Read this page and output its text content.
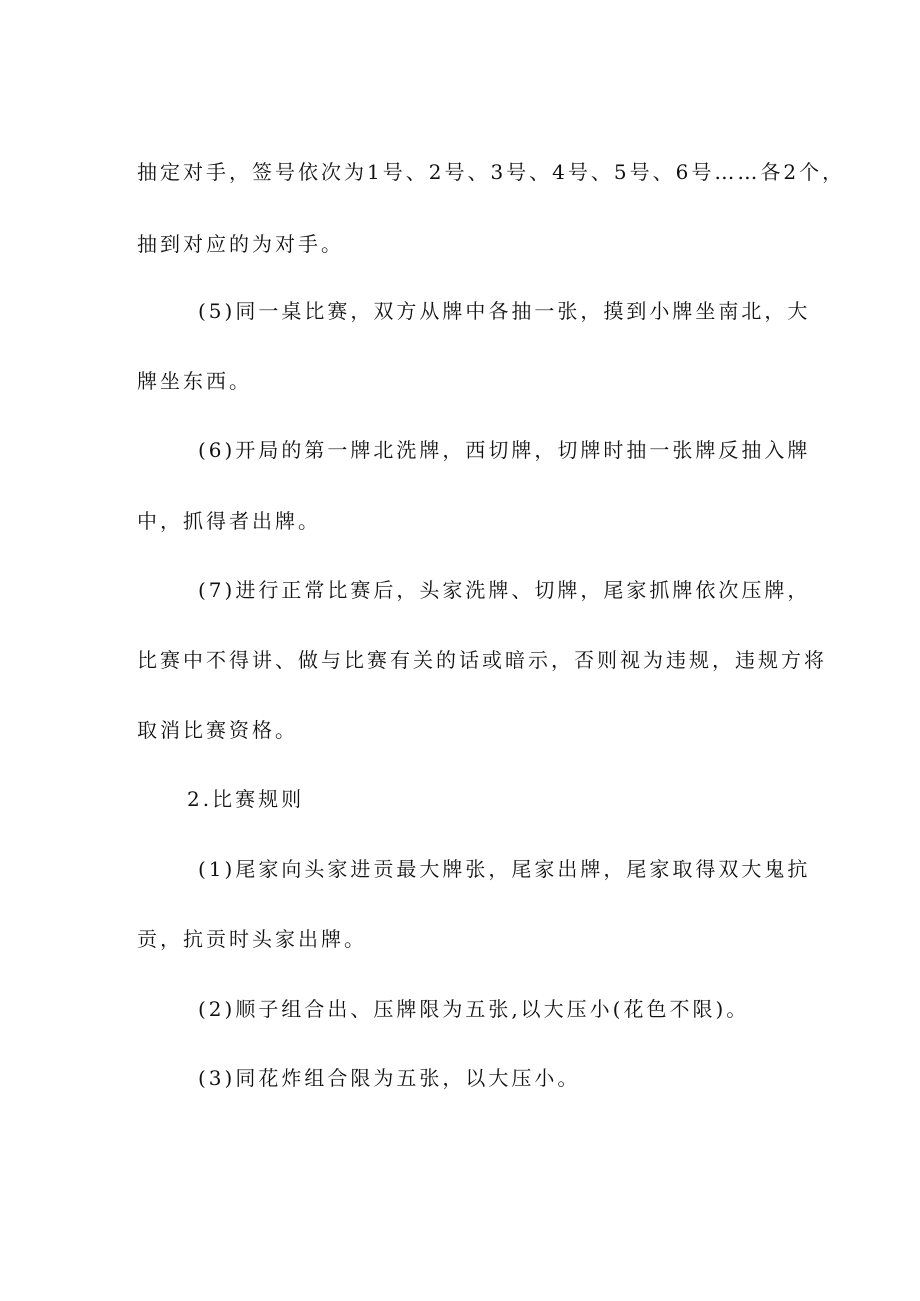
抽定对手，签号依次为1号、2号、3号、4号、5号、6号……各2个，
抽到对应的为对手。
(5)同一桌比赛，双方从牌中各抽一张，摸到小牌坐南北，大
牌坐东西。
(6)开局的第一牌北洗牌，西切牌，切牌时抽一张牌反抽入牌
中，抓得者出牌。
(7)进行正常比赛后，头家洗牌、切牌，尾家抓牌依次压牌，
比赛中不得讲、做与比赛有关的话或暗示，否则视为违规，违规方将
取消比赛资格。
2.比赛规则
(1)尾家向头家进贡最大牌张，尾家出牌，尾家取得双大鬼抗
贡，抗贡时头家出牌。
(2)顺子组合出、压牌限为五张,以大压小(花色不限)。
(3)同花炸组合限为五张，以大压小。
